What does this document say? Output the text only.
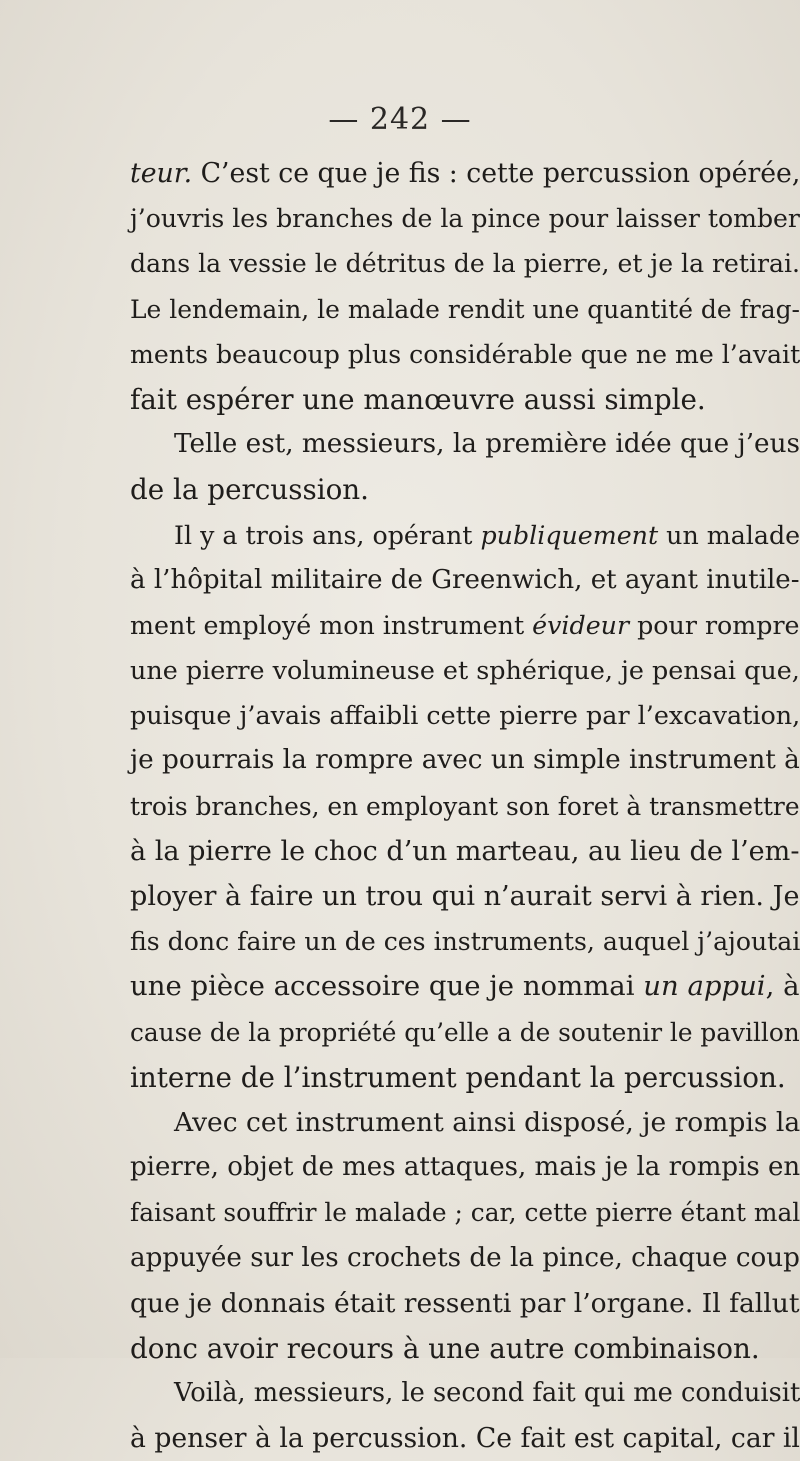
— 242 —
teur. C’est ce que je fis : cette percussion opérée,
j’ouvris les branches de la pince pour laisser tomber
dans la vessie le détritus de la pierre, et je la retirai.
Le lendemain, le malade rendit une quantité de frag-
ments beaucoup plus considérable que ne me l’avait
fait espérer une manœuvre aussi simple.
Telle est, messieurs, la première idée que j’eus
de la percussion.
Il y a trois ans, opérant publiquement un malade
à l’hôpital militaire de Greenwich, et ayant inutile-
ment employé mon instrument évideur pour rompre
une pierre volumineuse et sphérique, je pensai que,
puisque j’avais affaibli cette pierre par l’excavation,
je pourrais la rompre avec un simple instrument à
trois branches, en employant son foret à transmettre
à la pierre le choc d’un marteau, au lieu de l’em-
ployer à faire un trou qui n’aurait servi à rien. Je
fis donc faire un de ces instruments, auquel j’ajoutai
une pièce accessoire que je nommai un appui, à
cause de la propriété qu’elle a de soutenir le pavillon
interne de l’instrument pendant la percussion.
Avec cet instrument ainsi disposé, je rompis la
pierre, objet de mes attaques, mais je la rompis en
faisant souffrir le malade ; car, cette pierre étant mal
appuyée sur les crochets de la pince, chaque coup
que je donnais était ressenti par l’organe. Il fallut
donc avoir recours à une autre combinaison.
Voilà, messieurs, le second fait qui me conduisit
à penser à la percussion. Ce fait est capital, car il
